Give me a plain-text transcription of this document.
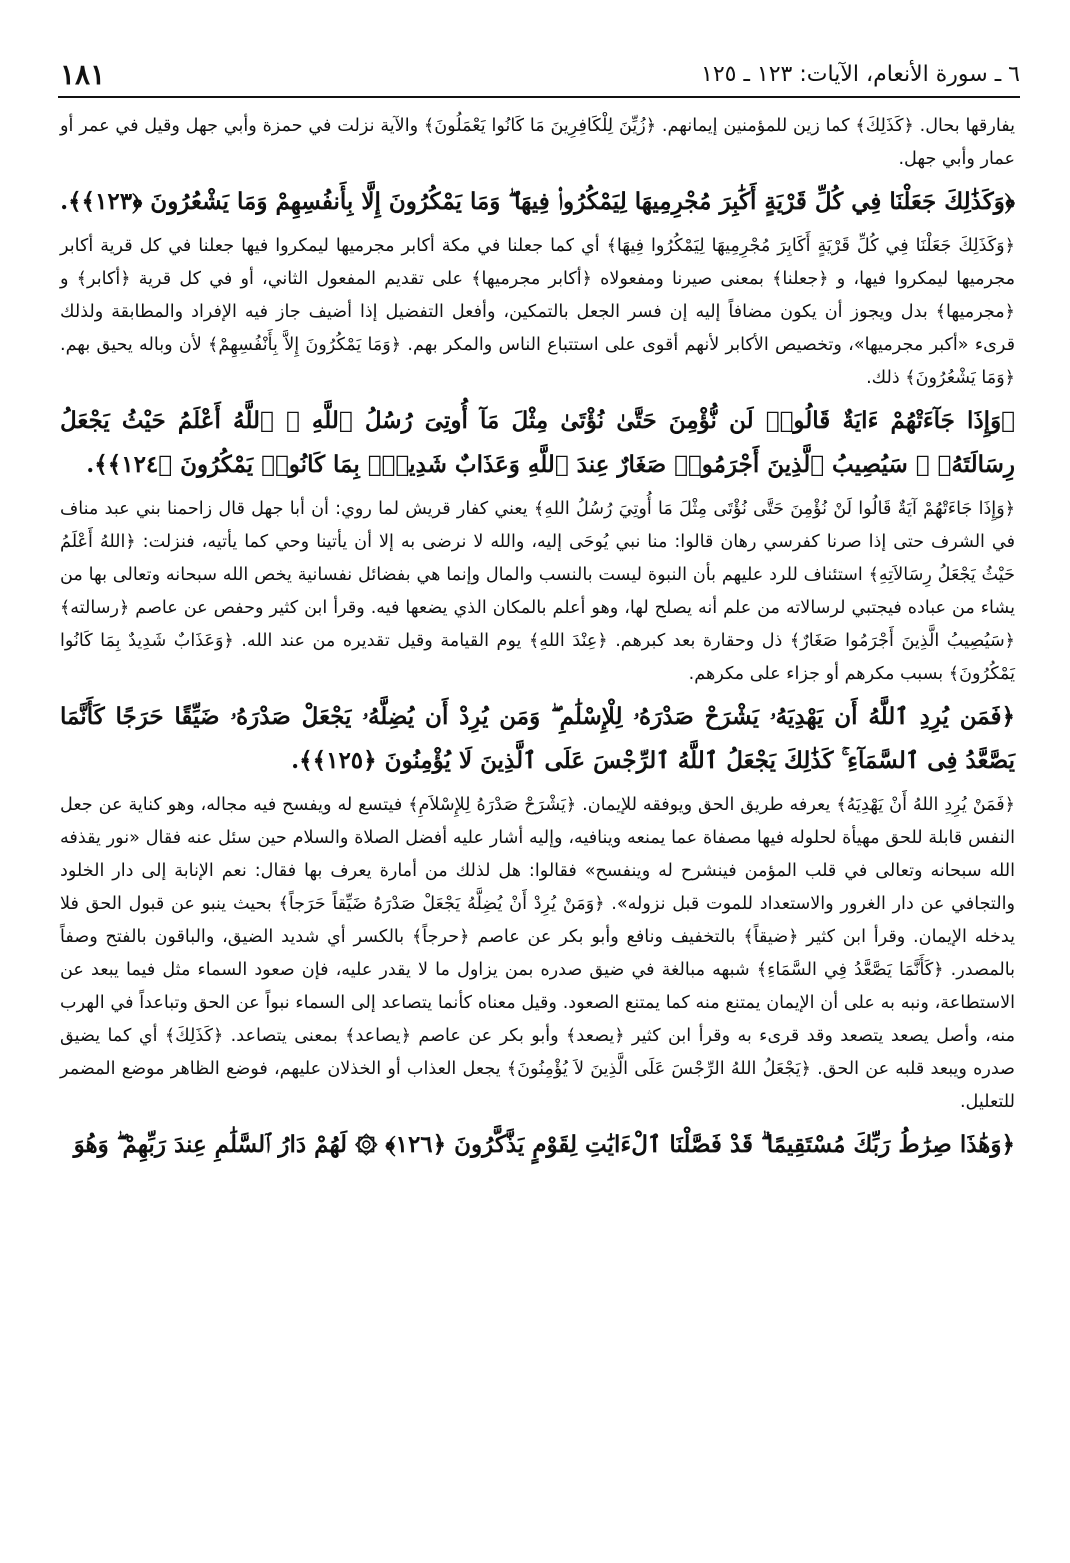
٦ ـ سورة الأنعام، الآيات: ١٢٣ ـ ١٢٥
١٨١

يفارقها بحال. ﴿كَذَلِكَ﴾ كما زين للمؤمنين إيمانهم. ﴿زُيِّنَ لِلْكَافِرِينَ مَا كَانُوا يَعْمَلُونَ﴾ والآية نزلت في حمزة وأبي جهل وقيل في عمر أو عمار وأبي جهل.

﴿وَكَذَٰلِكَ جَعَلْنَا فِي كُلِّ قَرْيَةٍ أَكَٰبِرَ مُجْرِمِيهَا لِيَمْكُرُوا۟ فِيهَا ۖ وَمَا يَمْكُرُونَ إِلَّا بِأَنفُسِهِمْ وَمَا يَشْعُرُونَ ﴿١٢٣﴾﴾.

﴿وَكَذَلِكَ جَعَلْنَا فِي كُلِّ قَرْيَةٍ أَكَابِرَ مُجْرِمِيهَا لِيَمْكُرُوا فِيهَا﴾ أي كما جعلنا في مكة أكابر مجرميها ليمكروا فيها جعلنا في كل قرية أكابر مجرميها ليمكروا فيها، و ﴿جعلنا﴾ بمعنى صيرنا ومفعولاه ﴿أكابر مجرميها﴾ على تقديم المفعول الثاني، أو في كل قرية ﴿أكابر﴾ و ﴿مجرميها﴾ بدل ويجوز أن يكون مضافاً إليه إن فسر الجعل بالتمكين، وأفعل التفضيل إذا أضيف جاز فيه الإفراد والمطابقة ولذلك قرىء «أكبر مجرميها»، وتخصيص الأكابر لأنهم أقوى على استتباع الناس والمكر بهم. ﴿وَمَا يَمْكُرُونَ إِلاَّ بِأَنْفُسِهِمْ﴾ لأن وباله يحيق بهم. ﴿وَمَا يَشْعُرُونَ﴾ ذلك.

﴿وَإِذَا جَآءَتْهُمْ ءَايَةٌ قَالُوا۟ لَن نُّؤْمِنَ حَتَّىٰ نُؤْتَىٰ مِثْلَ مَآ أُوتِىَ رُسُلُ ٱللَّهِ ۘ ٱللَّهُ أَعْلَمُ حَيْثُ يَجْعَلُ رِسَالَتَهُۥ ۗ سَيُصِيبُ ٱلَّذِينَ أَجْرَمُوا۟ صَغَارٌ عِندَ ٱللَّهِ وَعَذَابٌ شَدِيدٌۢ بِمَا كَانُوا۟ يَمْكُرُونَ ﴿١٢٤﴾﴾.

﴿وَإِذَا جَاءَتْهُمْ آيَةٌ قَالُوا لَنْ نُؤْمِنَ حَتَّى نُؤْتَى مِثْلَ مَا أُوتِيَ رُسُلُ اللهِ﴾ يعني كفار قريش لما روي: أن أبا جهل قال زاحمنا بني عبد مناف في الشرف حتى إذا صرنا كفرسي رهان قالوا: منا نبي يُوحَى إليه، والله لا نرضى به إلا أن يأتينا وحي كما يأتيه، فنزلت: ﴿اللهُ أَعْلَمُ حَيْثُ يَجْعَلُ رِسَالاَتِهِ﴾ استئناف للرد عليهم بأن النبوة ليست بالنسب والمال وإنما هي بفضائل نفسانية يخص الله سبحانه وتعالى بها من يشاء من عباده فيجتبي لرسالاته من علم أنه يصلح لها، وهو أعلم بالمكان الذي يضعها فيه. وقرأ ابن كثير وحفص عن عاصم ﴿رسالته﴾ ﴿سَيُصِيبُ الَّذِينَ أَجْرَمُوا صَغَارٌ﴾ ذل وحقارة بعد كبرهم. ﴿عِنْدَ اللهِ﴾ يوم القيامة وقيل تقديره من عند الله. ﴿وَعَذَابٌ شَدِيدٌ بِمَا كَانُوا يَمْكُرُونَ﴾ بسبب مكرهم أو جزاء على مكرهم.

﴿فَمَن يُرِدِ ٱللَّهُ أَن يَهْدِيَهُۥ يَشْرَحْ صَدْرَهُۥ لِلْإِسْلَٰمِ ۖ وَمَن يُرِدْ أَن يُضِلَّهُۥ يَجْعَلْ صَدْرَهُۥ ضَيِّقًا حَرَجًا كَأَنَّمَا يَصَّعَّدُ فِى ٱلسَّمَآءِ ۚ كَذَٰلِكَ يَجْعَلُ ٱللَّهُ ٱلرِّجْسَ عَلَى ٱلَّذِينَ لَا يُؤْمِنُونَ ﴿١٢٥﴾﴾.

﴿فَمَنْ يُرِدِ اللهُ أَنْ يَهْدِيَهُ﴾ يعرفه طريق الحق ويوفقه للإيمان. ﴿يَشْرَحْ صَدْرَهُ لِلإِسْلاَمِ﴾ فيتسع له ويفسح فيه مجاله، وهو كناية عن جعل النفس قابلة للحق مهيأة لحلوله فيها مصفاة عما يمنعه وينافيه، وإليه أشار عليه أفضل الصلاة والسلام حين سئل عنه فقال «نور يقذفه الله سبحانه وتعالى في قلب المؤمن فينشرح له وينفسح» فقالوا: هل لذلك من أمارة يعرف بها فقال: نعم الإنابة إلى دار الخلود والتجافي عن دار الغرور والاستعداد للموت قبل نزوله». ﴿وَمَنْ يُرِدْ أَنْ يُضِلَّهُ يَجْعَلْ صَدْرَهُ ضَيِّقاً حَرَجاً﴾ بحيث ينبو عن قبول الحق فلا يدخله الإيمان. وقرأ ابن كثير ﴿ضيقاً﴾ بالتخفيف ونافع وأبو بكر عن عاصم ﴿حرجاً﴾ بالكسر أي شديد الضيق، والباقون بالفتح وصفاً بالمصدر. ﴿كَأَنَّمَا يَصَّعَّدُ فِي السَّمَاءِ﴾ شبهه مبالغة في ضيق صدره بمن يزاول ما لا يقدر عليه، فإن صعود السماء مثل فيما يبعد عن الاستطاعة، ونبه به على أن الإيمان يمتنع منه كما يمتنع الصعود. وقيل معناه كأنما يتصاعد إلى السماء نبواً عن الحق وتباعداً في الهرب منه، وأصل يصعد يتصعد وقد قرىء به وقرأ ابن كثير ﴿يصعد﴾ وأبو بكر عن عاصم ﴿يصاعد﴾ بمعنى يتصاعد. ﴿كَذَلِكَ﴾ أي كما يضيق صدره ويبعد قلبه عن الحق. ﴿يَجْعَلُ اللهُ الرِّجْسَ عَلَى الَّذِينَ لاَ يُؤْمِنُونَ﴾ يجعل العذاب أو الخذلان عليهم، فوضع الظاهر موضع المضمر للتعليل.

﴿وَهَٰذَا صِرَٰطُ رَبِّكَ مُسْتَقِيمًا ۗ قَدْ فَصَّلْنَا ٱلْءَايَٰتِ لِقَوْمٍ يَذَّكَّرُونَ ﴿١٢٦﴾ ۞ لَهُمْ دَارُ ٱلسَّلَٰمِ عِندَ رَبِّهِمْ ۖ وَهُوَ
